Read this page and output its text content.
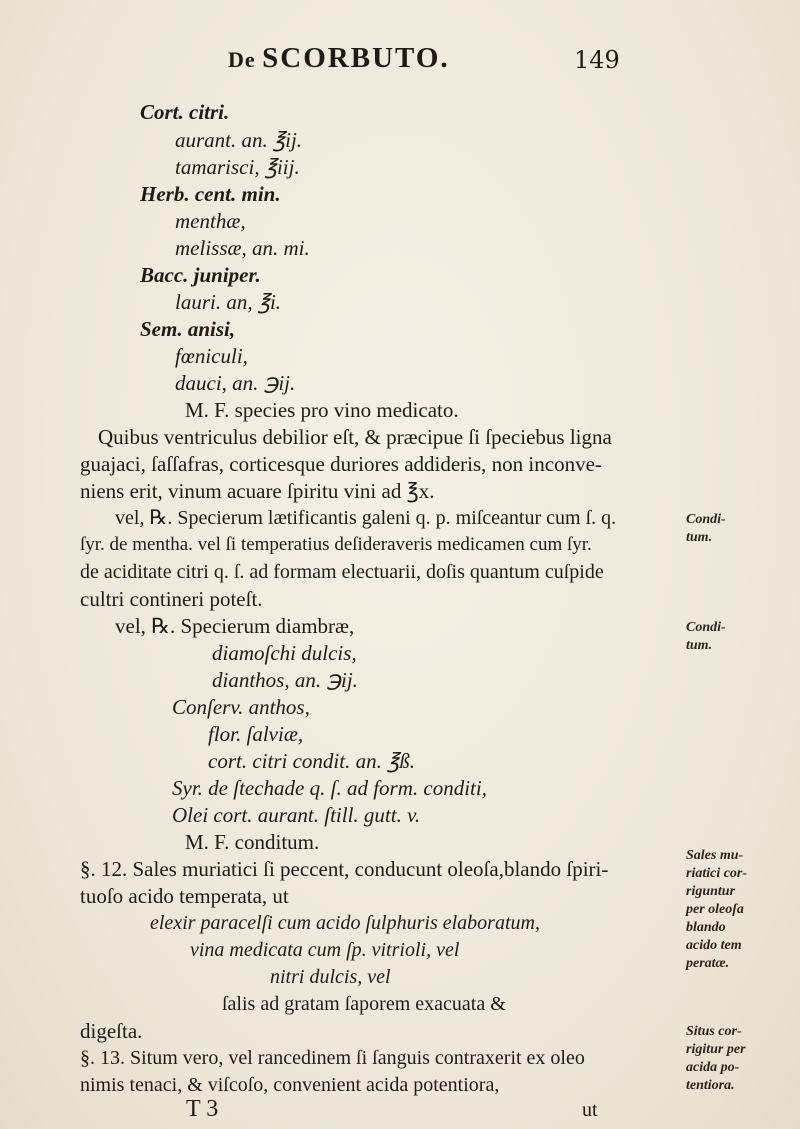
De SCORBUTO.	149
Cort. citri.
aurant. an. ℥ij.
tamarisci, ℥iij.
Herb. cent. min.
menthæ,
melissæ, an. mi.
Bacc. juniper.
lauri. an, ℥i.
Sem. anisi,
fœniculi,
dauci, an. ℈ij.
M. F. species pro vino medicato.
Quibus ventriculus debilior eſt, & præcipue ſi ſpeciebus ligna
guajaci, ſaſſafras, corticesque duriores addideris, non inconve-
niens erit, vinum acuare ſpiritu vini ad ℥x.
vel, ℞. Specierum lætificantis galeni q. p. miſceantur cum ſ. q.
ſyr. de mentha. vel ſi temperatius deſideraveris medicamen cum ſyr.
de aciditate citri q. ſ. ad formam electuarii, doſis quantum cuſpide
cultri contineri poteſt.
vel, ℞. Specierum diambræ,
diamoſchi dulcis,
dianthos, an. ℈ij.
Conſerv. anthos,
flor. ſalviæ,
cort. citri condit. an. ℥ß.
Syr. de ſtechade q. ſ. ad form. conditi,
Olei cort. aurant. ſtill. gutt. v.
M. F. conditum.
§. 12. Sales muriatici ſi peccent, conducunt oleoſa,blando ſpiri-
tuoſo acido temperata, ut
elexir paracelſi cum acido ſulphuris elaboratum,
vina medicata cum ſp. vitrioli, vel
nitri dulcis, vel
ſalis ad gratam ſaporem exacuata &
digeſta.
§. 13. Situm vero, vel rancedinem ſi ſanguis contraxerit ex oleo
nimis tenaci, & viſcoſo, convenient acida potentiora,
Condi-
tum.
Condi-
tum.
Sales mu-
riatici cor-
riguntur
per oleoſa
blando
acido tem
peratæ.
Situs cor-
rigitur per
acida po-
tentiora.
T 3	ut
